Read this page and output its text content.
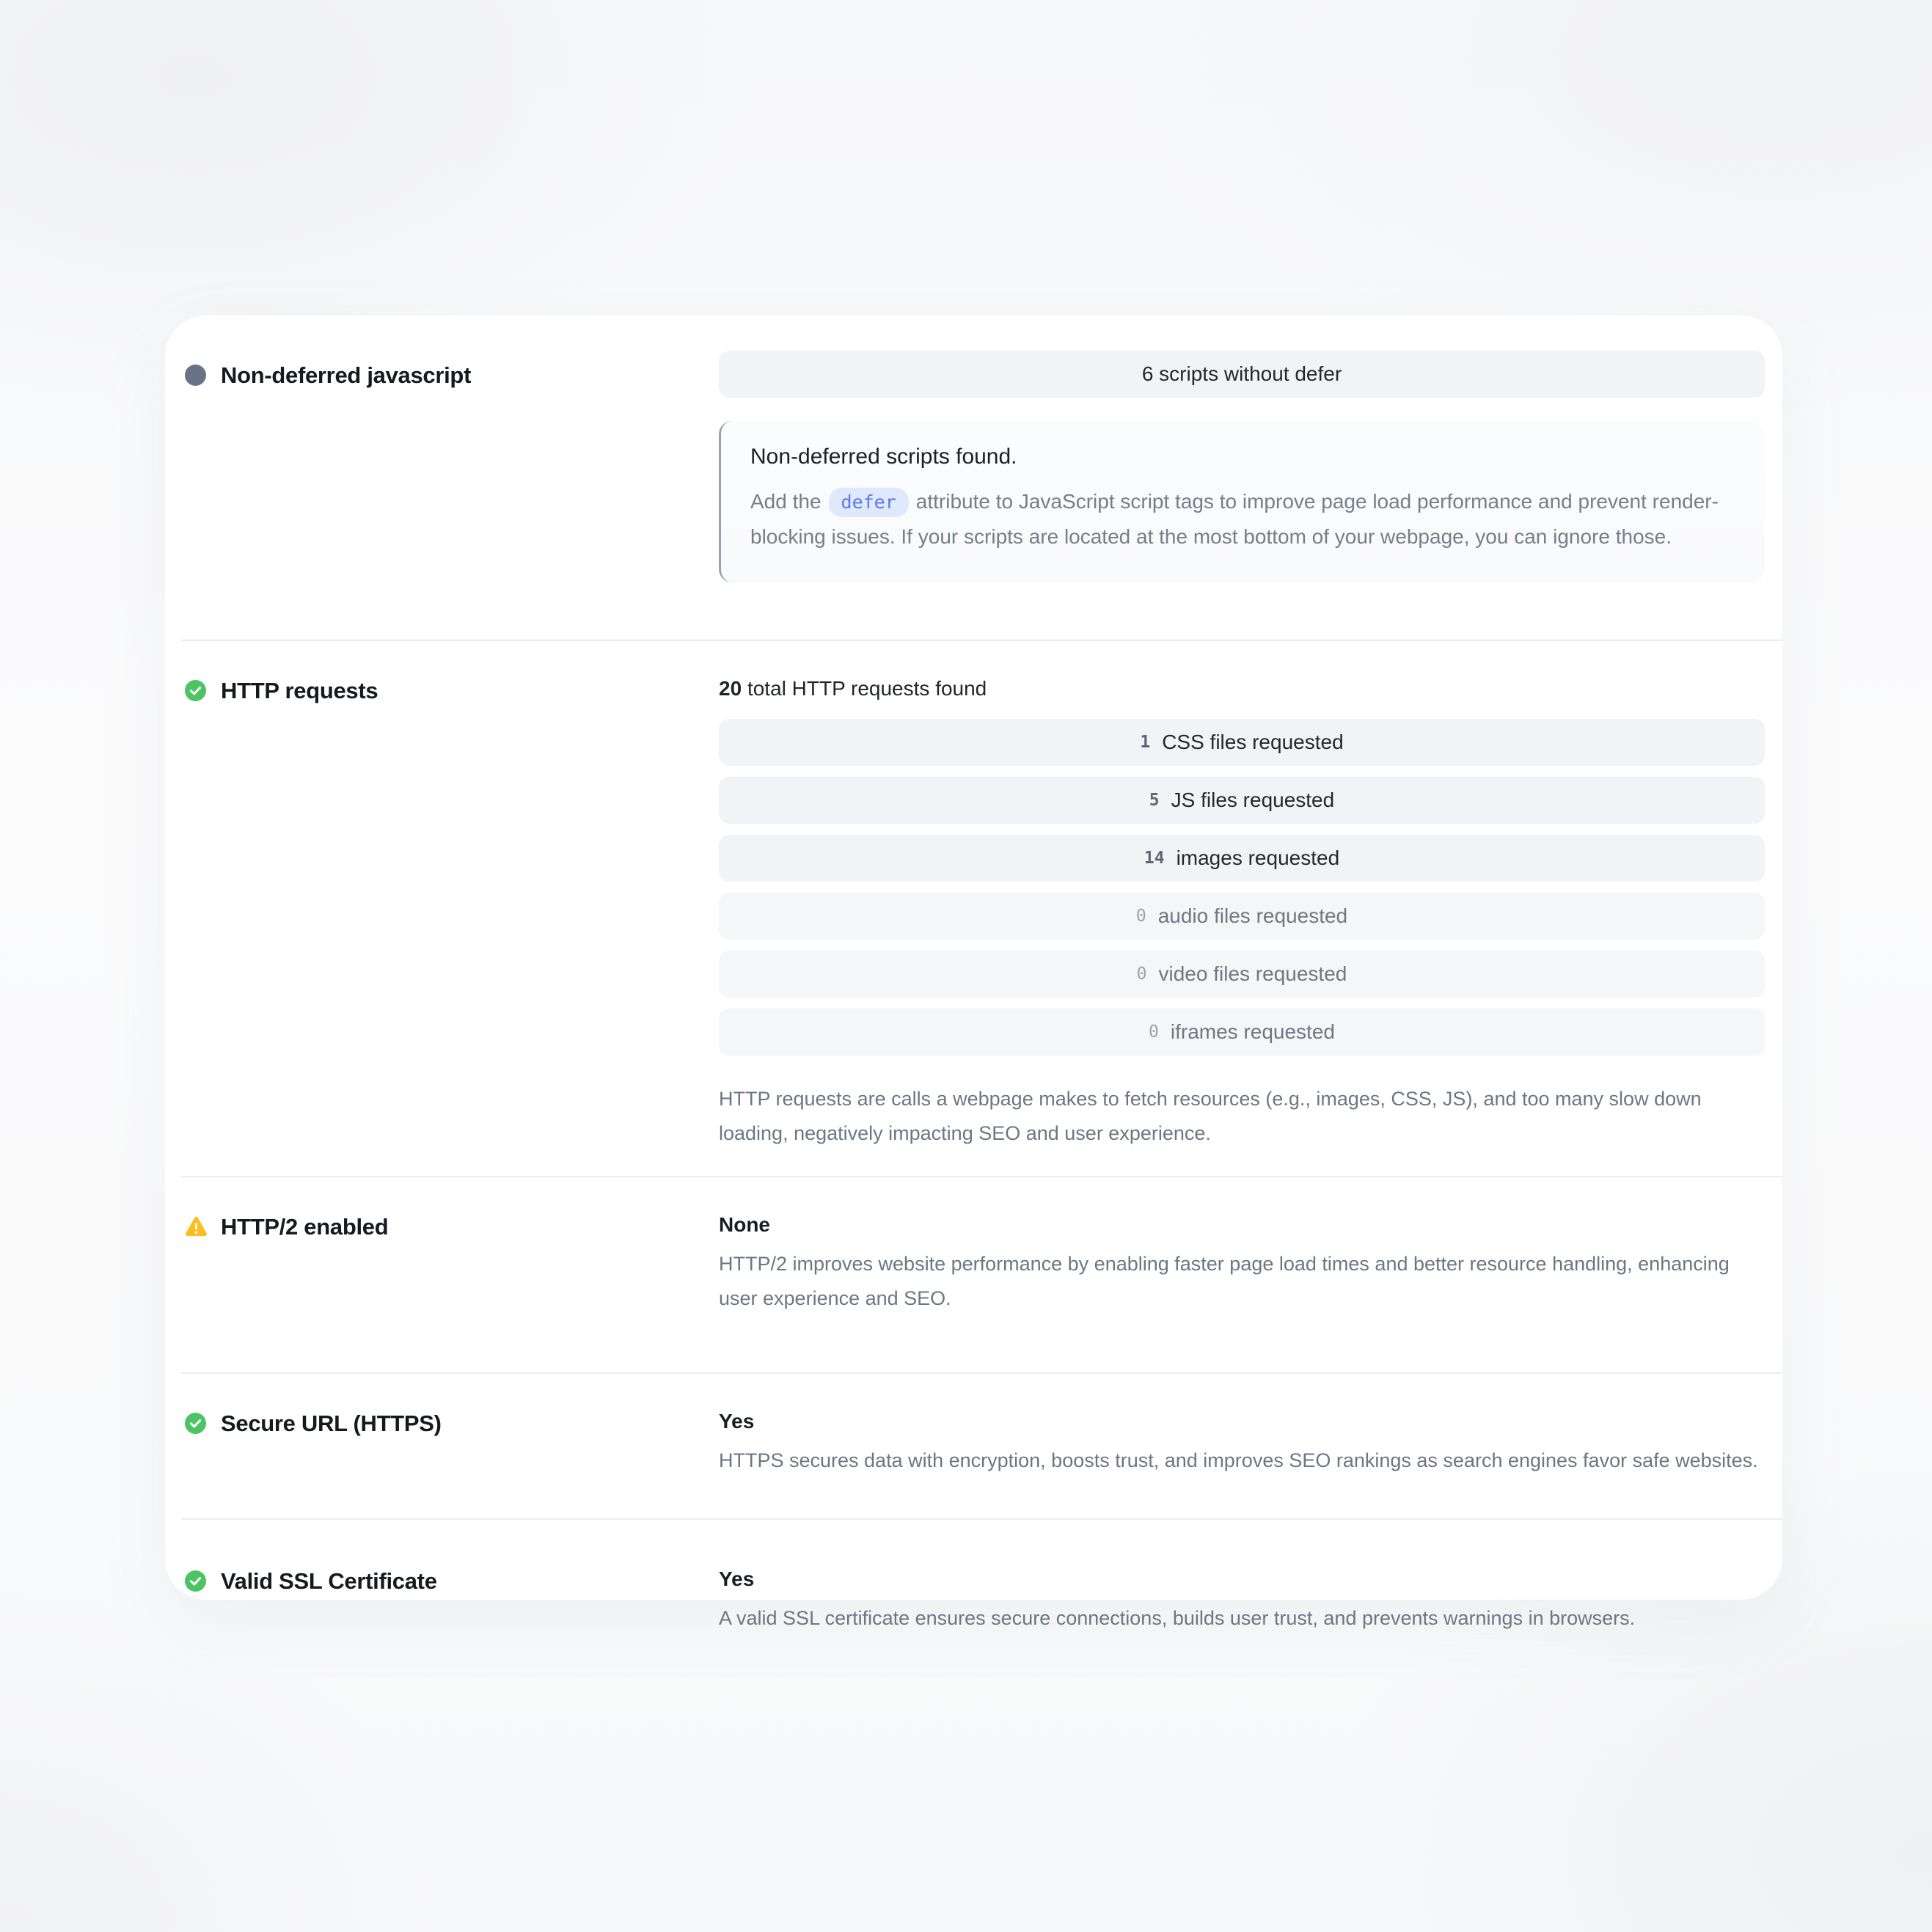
Non-deferred javascript	6 scripts without defer
Non-deferred scripts found.

Add the defer attribute to JavaScript script tags to improve page load performance and prevent render-blocking issues. If your scripts are located at the most bottom of your webpage, you can ignore those.

HTTP requests	20 total HTTP requests found
1 CSS files requested
5 JS files requested
14 images requested
0 audio files requested
0 video files requested
0 iframes requested

HTTP requests are calls a webpage makes to fetch resources (e.g., images, CSS, JS), and too many slow down loading, negatively impacting SEO and user experience.

HTTP/2 enabled	None

HTTP/2 improves website performance by enabling faster page load times and better resource handling, enhancing user experience and SEO.

Secure URL (HTTPS)	Yes

HTTPS secures data with encryption, boosts trust, and improves SEO rankings as search engines favor safe websites.

Valid SSL Certificate	Yes

A valid SSL certificate ensures secure connections, builds user trust, and prevents warnings in browsers.
